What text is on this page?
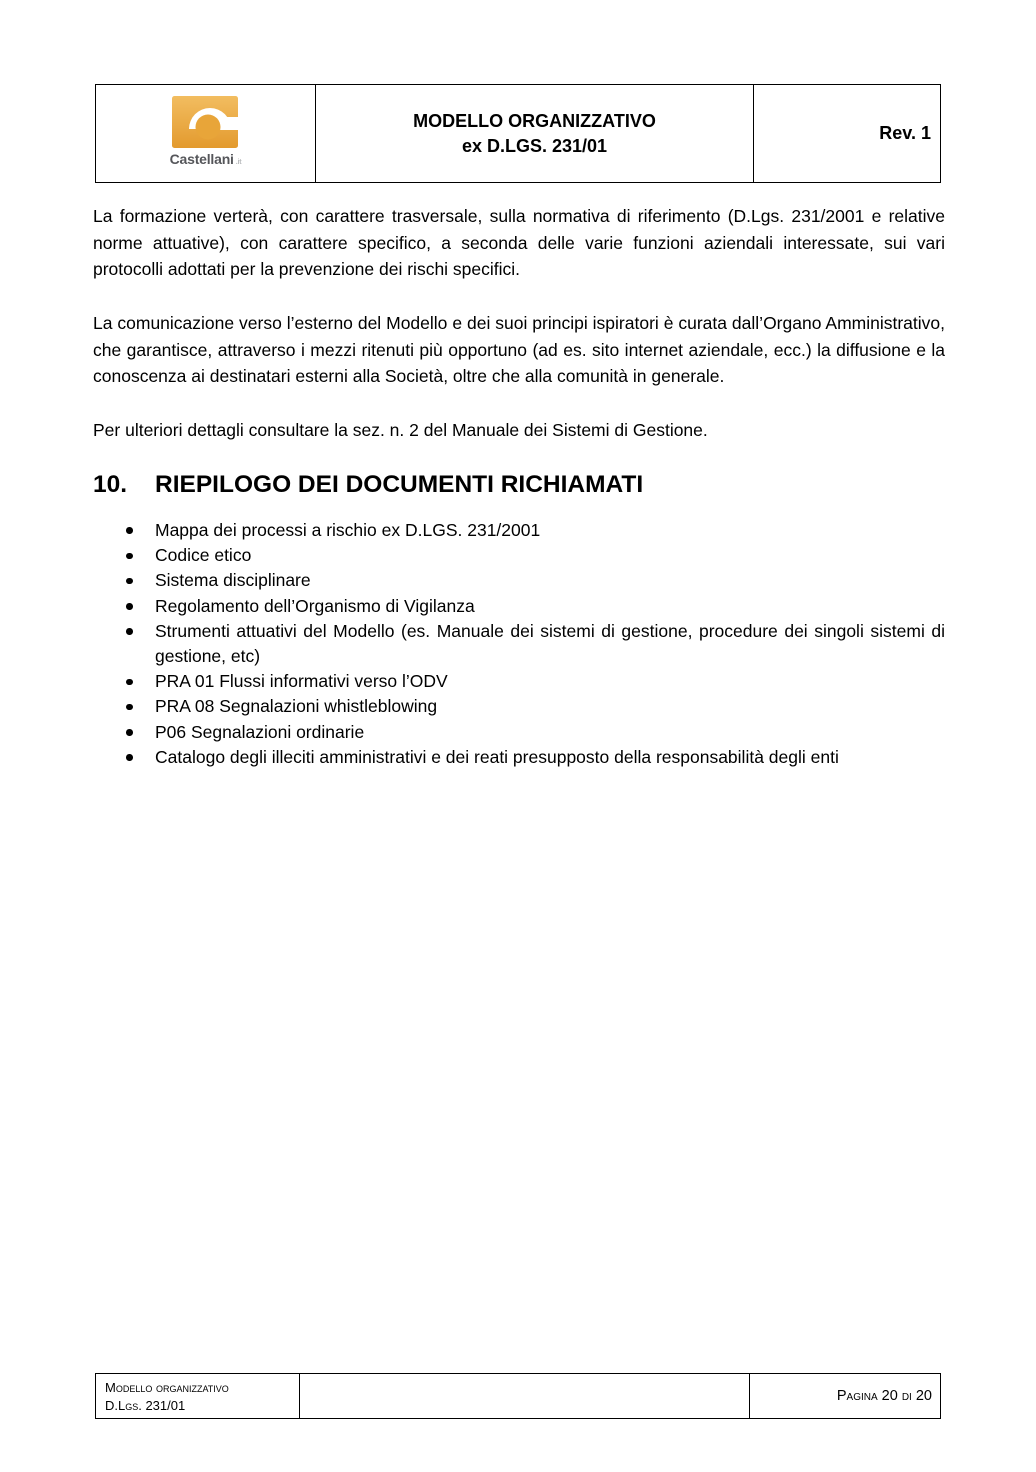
Castellani .it
MODELLO ORGANIZZATIVO
ex D.LGS. 231/01
Rev. 1

La formazione verterà, con carattere trasversale, sulla normativa di riferimento (D.Lgs. 231/2001 e relative norme attuative), con carattere specifico, a seconda delle varie funzioni aziendali interessate, sui vari protocolli adottati per la prevenzione dei rischi specifici.

La comunicazione verso l’esterno del Modello e dei suoi principi ispiratori è curata dall’Organo Amministrativo, che garantisce, attraverso i mezzi ritenuti più opportuno (ad es. sito internet aziendale, ecc.) la diffusione e la conoscenza ai destinatari esterni alla Società, oltre che alla comunità in generale.

Per ulteriori dettagli consultare la sez. n. 2 del Manuale dei Sistemi di Gestione.

10.	RIEPILOGO DEI DOCUMENTI RICHIAMATI
Mappa dei processi a rischio ex D.LGS. 231/2001
Codice etico
Sistema disciplinare
Regolamento dell’Organismo di Vigilanza
Strumenti attuativi del Modello (es. Manuale dei sistemi di gestione, procedure dei singoli sistemi di gestione, etc)
PRA 01 Flussi informativi verso l’ODV
PRA 08 Segnalazioni whistleblowing
P06 Segnalazioni ordinarie
Catalogo degli illeciti amministrativi e dei reati presupposto della responsabilità degli enti
Modello organizzativo
D.Lgs. 231/01
Pagina 20 di 20
